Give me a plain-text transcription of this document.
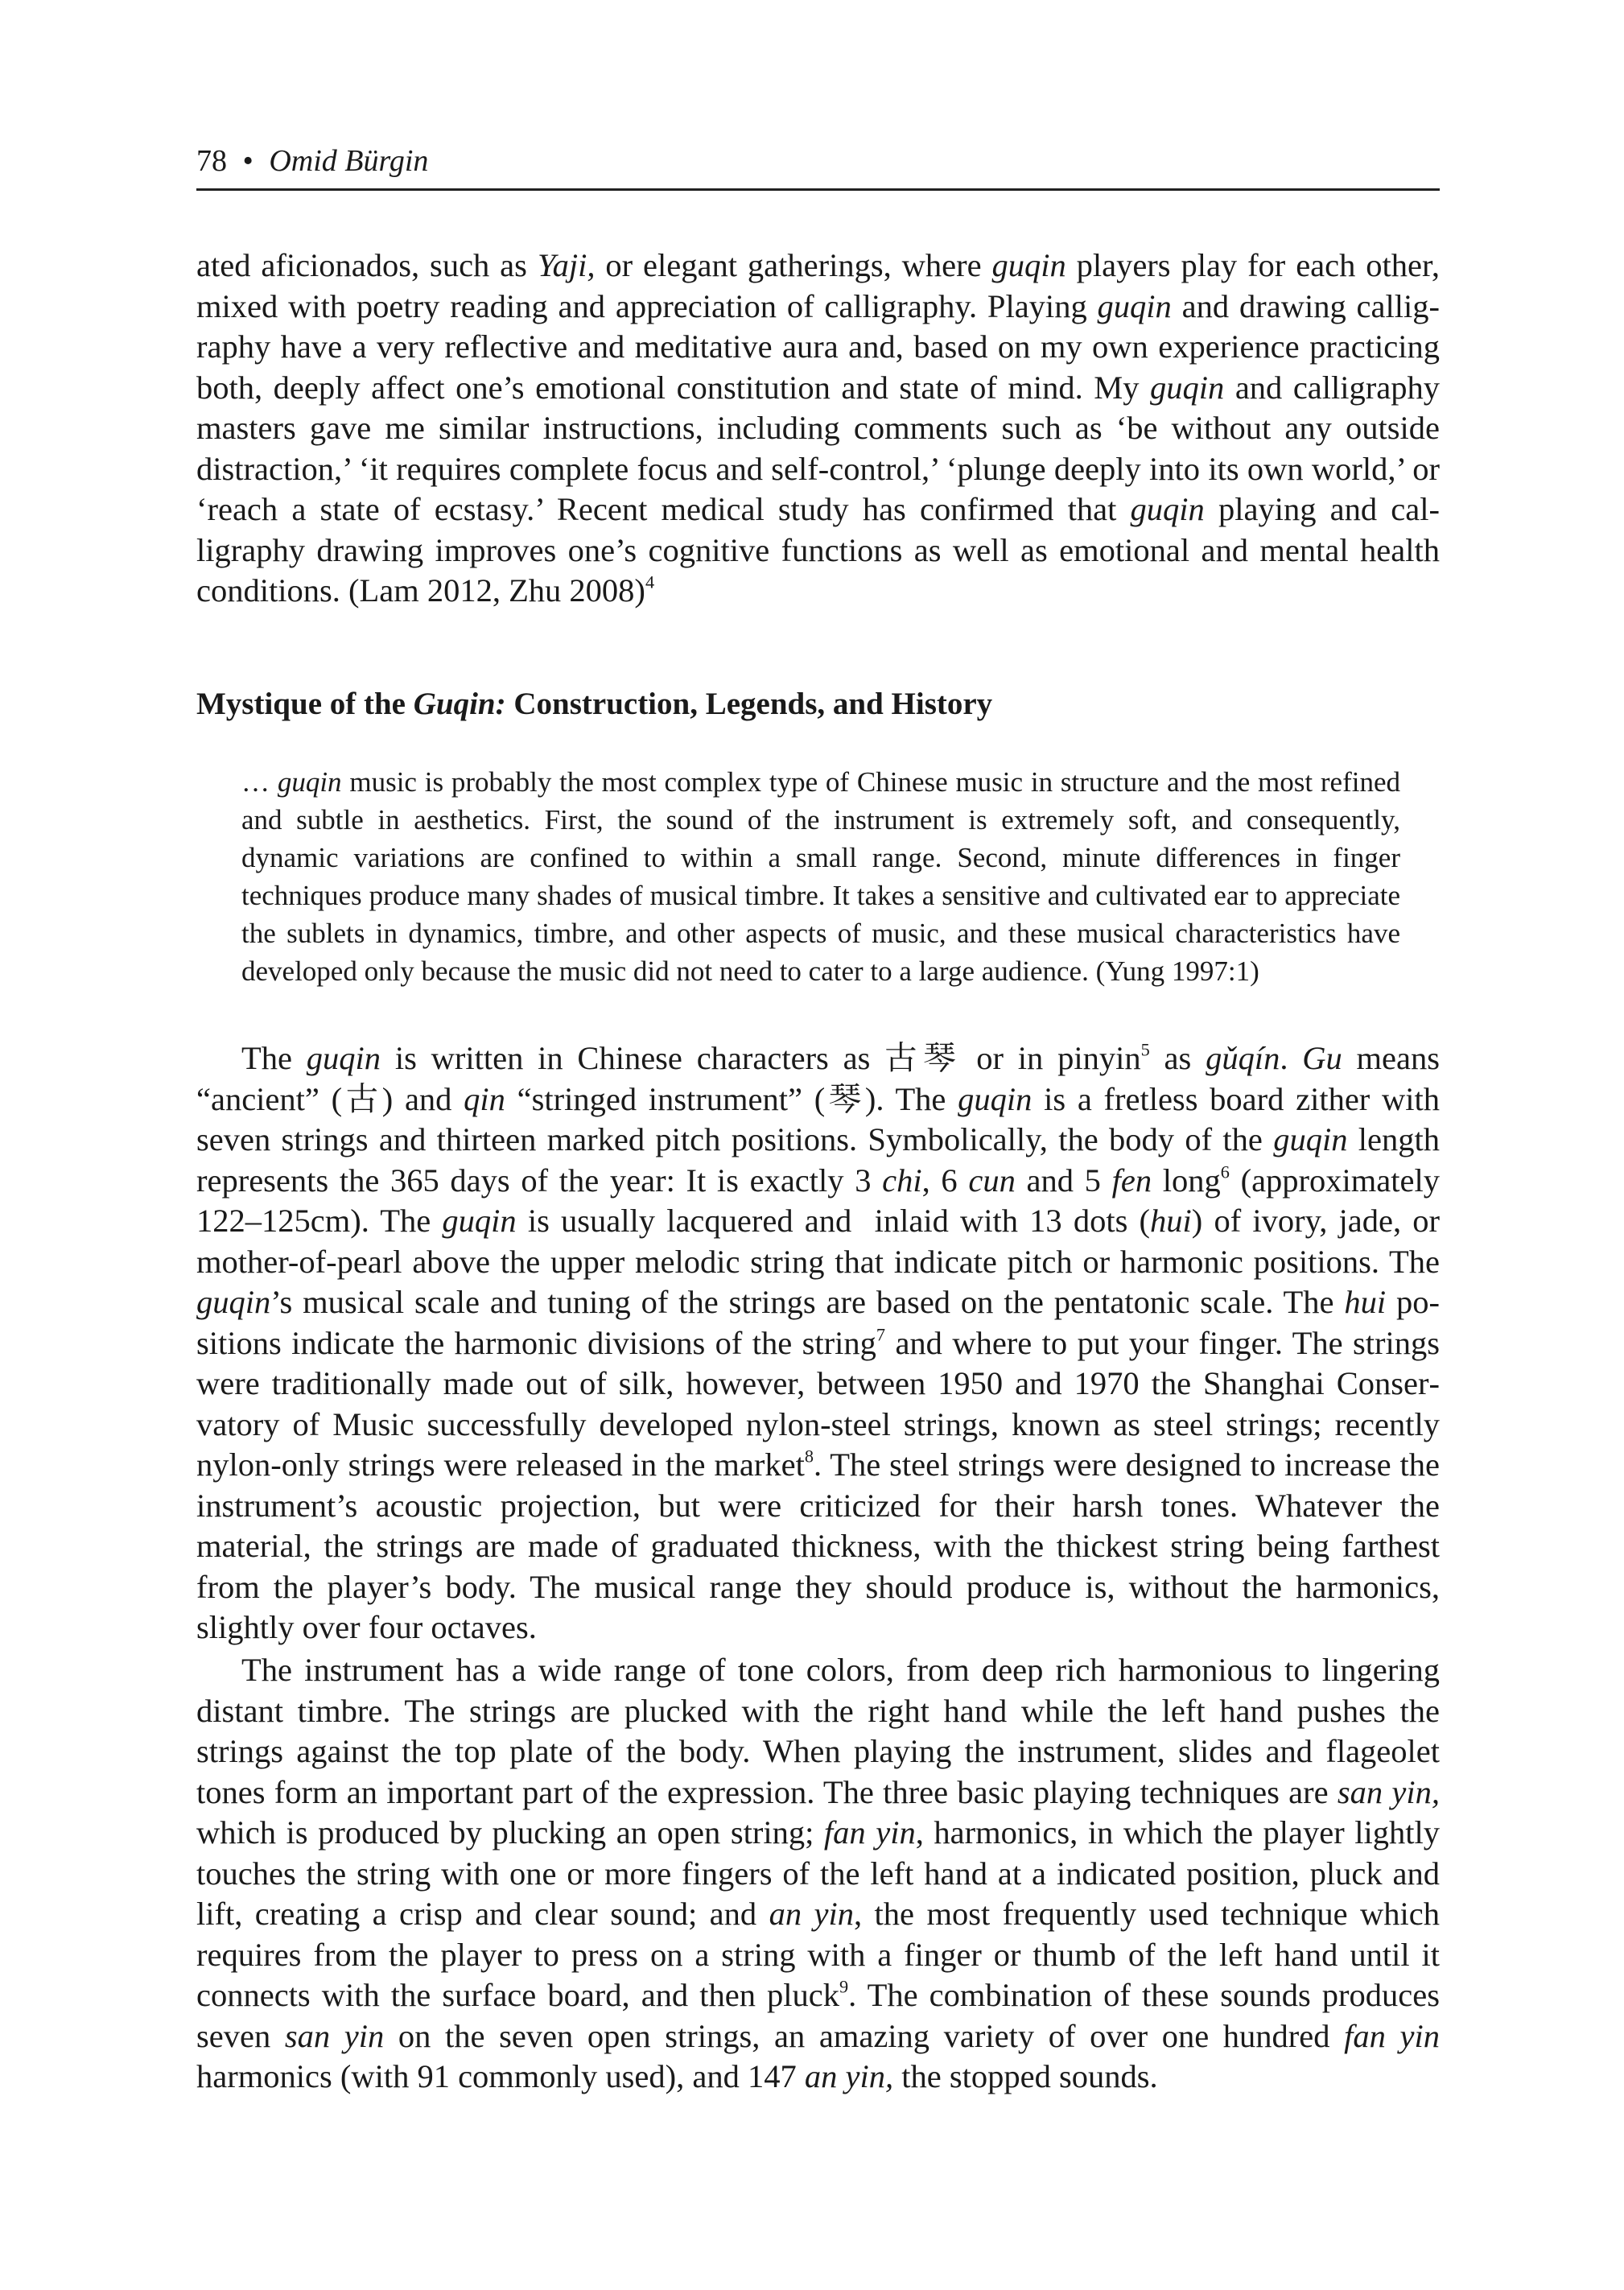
78 • Omid Bürgin
ated aficionados, such as Yaji, or elegant gatherings, where guqin players play for each other, mixed with poetry reading and appreciation of calligraphy. Playing guqin and drawing calligraphy have a very reflective and meditative aura and, based on my own experience practicing both, deeply affect one’s emotional constitution and state of mind. My guqin and calligraphy masters gave me similar instructions, including comments such as ‘be without any outside distraction,’ ‘it requires complete focus and self-control,’ ‘plunge deeply into its own world,’ or ‘reach a state of ecstasy.’ Recent medical study has confirmed that guqin playing and calligraphy drawing improves one’s cognitive functions as well as emotional and mental health conditions. (Lam 2012, Zhu 2008)$^4$
Mystique of the Guqin: Construction, Legends, and History
… guqin music is probably the most complex type of Chinese music in structure and the most refined and subtle in aesthetics. First, the sound of the instrument is extremely soft, and consequently, dynamic variations are confined to within a small range. Second, minute differences in finger techniques produce many shades of musical timbre. It takes a sensitive and cultivated ear to appreciate the sublets in dynamics, timbre, and other aspects of music, and these musical characteristics have developed only because the music did not need to cater to a large audience. (Yung 1997:1)
The guqin is written in Chinese characters as 古琴 or in pinyin$^5$ as gǔqín. Gu means “ancient” (古) and qin “stringed instrument” (琴). The guqin is a fretless board zither with seven strings and thirteen marked pitch positions. Symbolically, the body of the guqin length represents the 365 days of the year: It is exactly 3 chi, 6 cun and 5 fen long$^6$ (approximately 122–125cm). The guqin is usually lacquered and  inlaid with 13 dots (hui) of ivory, jade, or mother-of-pearl above the upper melodic string that indicate pitch or harmonic positions. The guqin’s musical scale and tuning of the strings are based on the pentatonic scale. The hui positions indicate the harmonic divisions of the string$^7$ and where to put your finger. The strings were traditionally made out of silk, however, between 1950 and 1970 the Shanghai Conservatory of Music successfully developed nylon-steel strings, known as steel strings; recently nylon-only strings were released in the market$^8$. The steel strings were designed to increase the instrument’s acoustic projection, but were criticized for their harsh tones. Whatever the material, the strings are made of graduated thickness, with the thickest string being farthest from the player’s body. The musical range they should produce is, without the harmonics, slightly over four octaves.
The instrument has a wide range of tone colors, from deep rich harmonious to lingering distant timbre. The strings are plucked with the right hand while the left hand pushes the strings against the top plate of the body. When playing the instrument, slides and flageolet tones form an important part of the expression. The three basic playing techniques are san yin, which is produced by plucking an open string; fan yin, harmonics, in which the player lightly touches the string with one or more fingers of the left hand at a indicated position, pluck and lift, creating a crisp and clear sound; and an yin, the most frequently used technique which requires from the player to press on a string with a finger or thumb of the left hand until it connects with the surface board, and then pluck$^9$. The combination of these sounds produces seven san yin on the seven open strings, an amazing variety of over one hundred fan yin harmonics (with 91 commonly used), and 147 an yin, the stopped sounds.
